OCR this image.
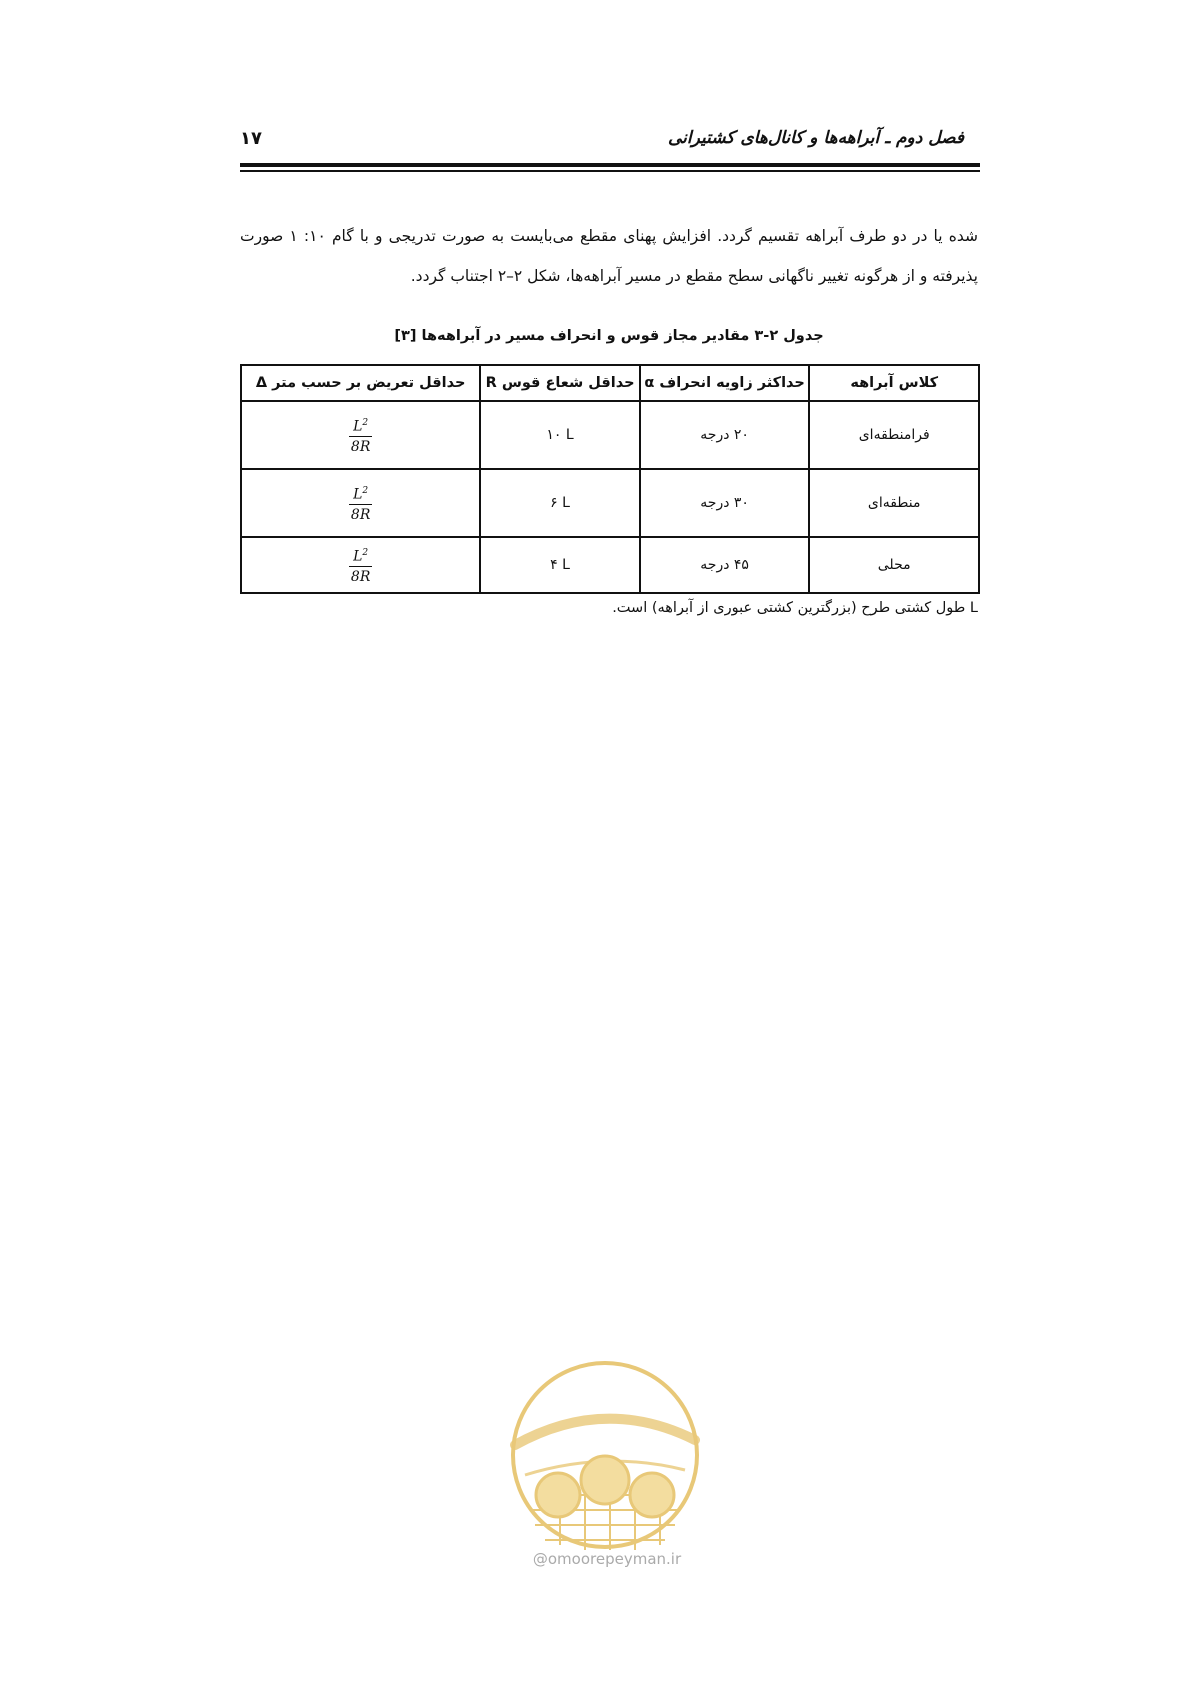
فصل دوم ـ آبراهه‌ها و کانال‌های کشتیرانی
۱۷
شده یا در دو طرف آبراهه تقسیم گردد. افزایش پهنای مقطع می‌بایست به صورت تدریجی و با گام ۱۰: ۱ صورت پذیرفته و از هرگونه تغییر ناگهانی سطح مقطع در مسیر آبراهه‌ها، شکل ۲–۲ اجتناب گردد.
جدول ۲-۳ مقادیر مجاز قوس و انحراف مسیر در آبراهه‌ها [۳]
کلاس آبراهه	حداکثر زاویه انحراف α	حداقل شعاع قوس R	حداقل تعریض بر حسب متر Δ
فرامنطقه‌ای	۲۰ درجه	۱۰ L	$\frac{L^2}{8R}$

منطقه‌ای	۳۰ درجه	۶ L	$\frac{L^2}{8R}$

محلی	۴۵ درجه	۴ L	$\frac{L^2}{8R}$
L طول کشتی طرح (بزرگترین کشتی عبوری از آبراهه) است.
@omoorepeyman.ir
